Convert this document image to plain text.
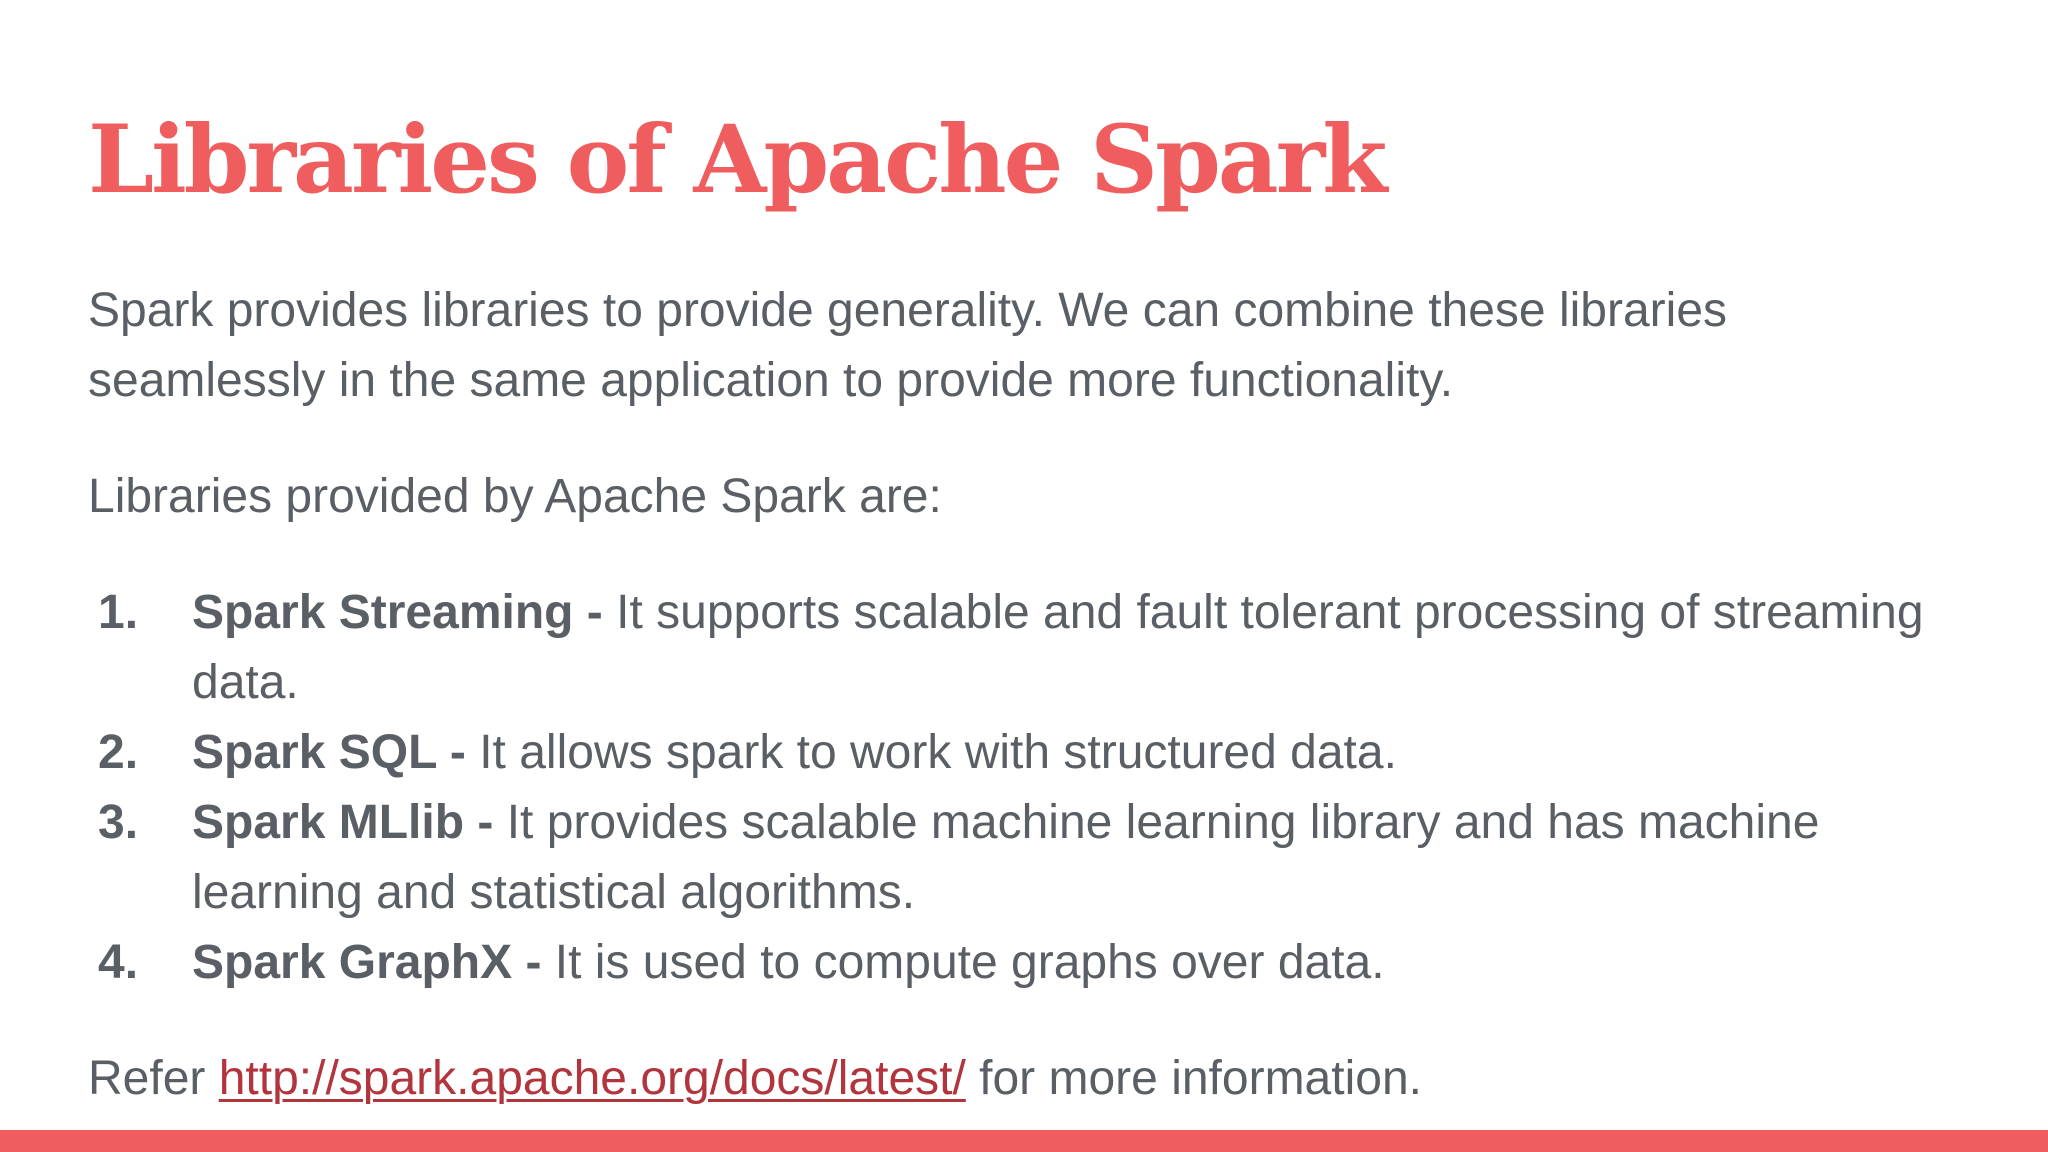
Libraries of Apache Spark

Spark provides libraries to provide generality. We can combine these libraries seamlessly in the same application to provide more functionality.

Libraries provided by Apache Spark are:

1. Spark Streaming - It supports scalable and fault tolerant processing of streaming data.
2. Spark SQL - It allows spark to work with structured data.
3. Spark MLlib - It provides scalable machine learning library and has machine learning and statistical algorithms.
4. Spark GraphX - It is used to compute graphs over data.

Refer http://spark.apache.org/docs/latest/ for more information.
